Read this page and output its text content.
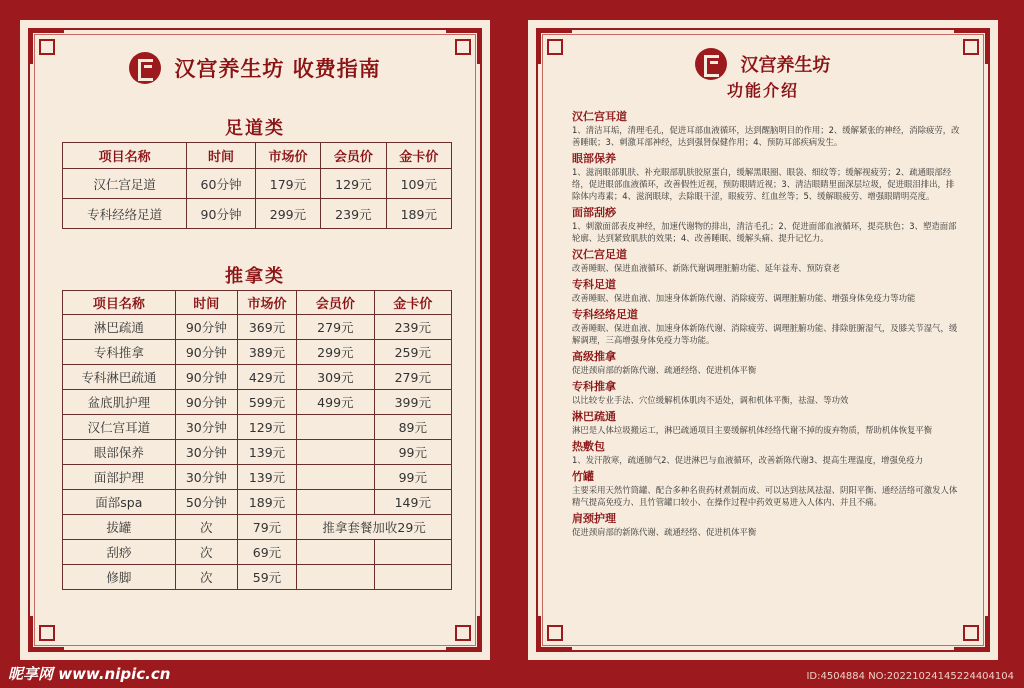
汉宫养生坊 收费指南
足道类
项目名称	时间	市场价	会员价	金卡价
汉仁宫足道	60分钟	179元	129元	109元
专科经络足道	90分钟	299元	239元	189元
推拿类
项目名称	时间	市场价	会员价	金卡价
淋巴疏通	90分钟	369元	279元	239元
专科推拿	90分钟	389元	299元	259元
专科淋巴疏通	90分钟	429元	309元	279元
盆底肌护理	90分钟	599元	499元	399元
汉仁宫耳道	30分钟	129元		89元
眼部保养	30分钟	139元		99元
面部护理	30分钟	139元		99元
面部spa	50分钟	189元		149元
拔罐	次	79元	推拿套餐加收29元	
刮痧	次	69元		
修脚	次	59元		
汉宫养生坊
功能介绍
汉仁宫耳道

1、清洁耳垢，清理毛孔，促进耳部血液循环，达到醒脑明目的作用；2、缓解紧张的神经，消除疲劳，改善睡眠；3、刺激耳部神经，达到强肾保健作用；4、预防耳部疾病发生。

眼部保养

1、滋润眼部肌肤、补充眼部肌肤胶原蛋白，缓解黑眼圈、眼袋、细纹等；缓解视疲劳；2、疏通眼部经络，促进眼部血液循环，改善假性近视，预防眼睛近视；3、清洁眼睛里面深层垃圾，促进眼泪排出，排除体内毒素；4、滋润眼球，去除眼干涩，眼疲劳、红血丝等；5、缓解眼疲劳、增强眼睛明亮度。

面部刮痧

1、刺激面部表皮神经，加速代谢物的排出，清洁毛孔；2、促进面部血液循环，提亮肤色；3、塑造面部轮廓、达到紧致肌肤的效果；4、改善睡眠、缓解头痛、提升记忆力。

汉仁宫足道

改善睡眠、保进血液循环、新陈代谢调理脏腑功能、延年益寿、预防衰老

专科足道

改善睡眠、保进血液、加速身体新陈代谢、消除疲劳、调理脏腑功能、增强身体免疫力等功能

专科经络足道

改善睡眠、保进血液、加速身体新陈代谢、消除疲劳、调理脏腑功能、排除脏腑湿气，及膝关节湿气，缓解调理，三高增强身体免疫力等功能。

高级推拿

促进颈肩部的新陈代谢、疏通经络、促进机体平衡

专科推拿

以比较专业手法、穴位缓解机体肌肉不适处，调和机体平衡，祛湿、等功效

淋巴疏通

淋巴是人体垃圾搬运工，淋巴疏通项目主要缓解机体经络代谢不掉的废弃物质，帮助机体恢复平衡

热敷包

1、发汗散寒，疏通肺气2、促进淋巴与血液循环，改善新陈代谢3、提高生理温度，增强免疫力

竹罐

主要采用天然竹筒罐、配合多种名贵药材煮制而成、可以达到祛风祛湿、阴阳平衡、通经活络可激发人体精气提高免疫力、且竹管罐口较小、在操作过程中药效更易进入人体内、并且不痛。

肩颈护理

促进颈肩部的新陈代谢、疏通经络、促进机体平衡

昵享网 www.nipic.cn	ID:4504884 NO:20221024145224404104
